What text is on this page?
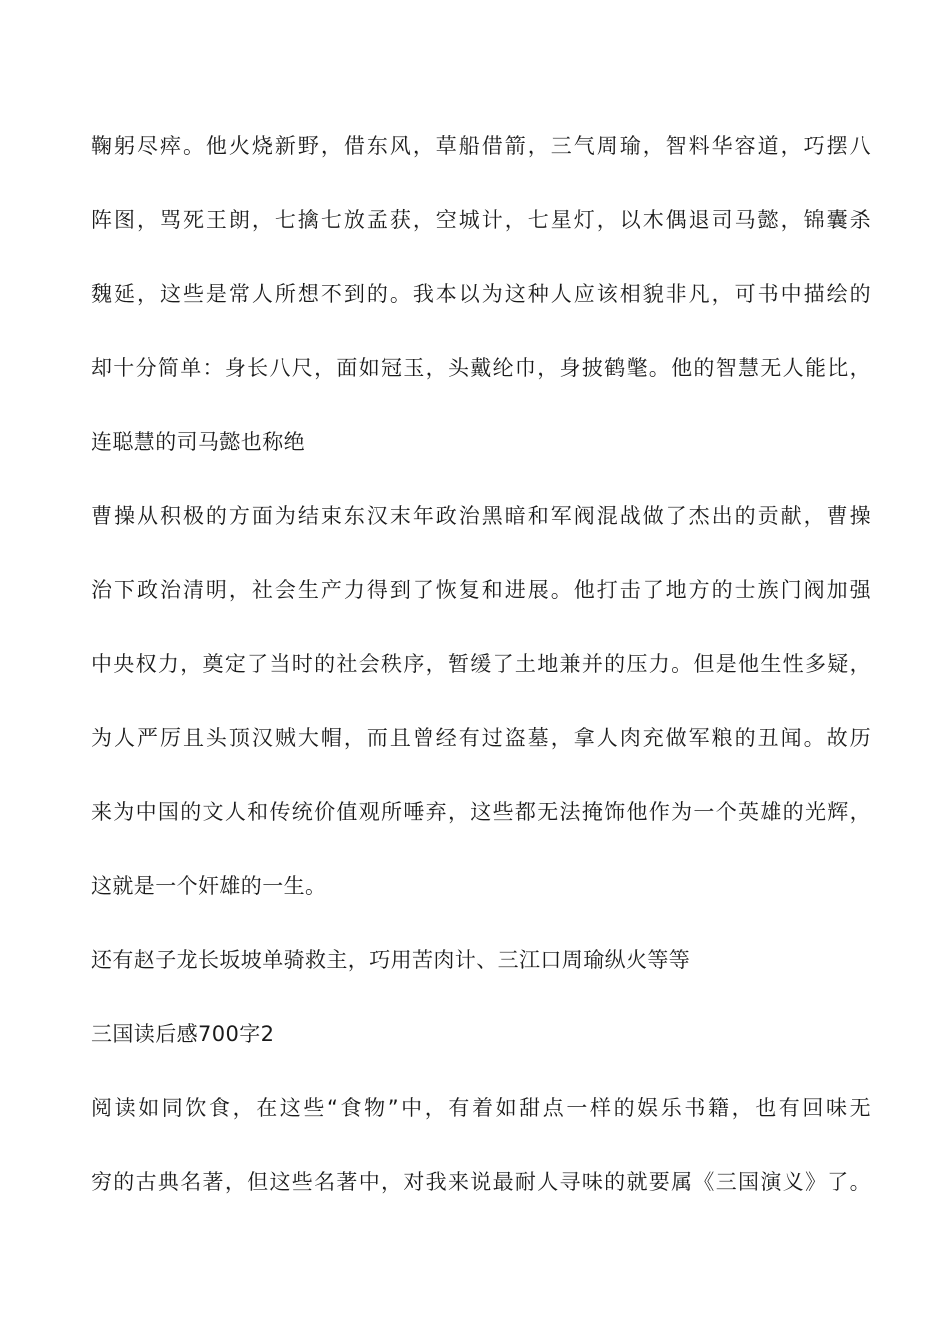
鞠躬尽瘁。他火烧新野，借东风，草船借箭，三气周瑜，智料华容道，巧摆八
阵图，骂死王朗，七擒七放孟获，空城计，七星灯，以木偶退司马懿，锦囊杀
魏延，这些是常人所想不到的。我本以为这种人应该相貌非凡，可书中描绘的
却十分简单：身长八尺，面如冠玉，头戴纶巾，身披鹤氅。他的智慧无人能比，
连聪慧的司马懿也称绝
曹操从积极的方面为结束东汉末年政治黑暗和军阀混战做了杰出的贡献，曹操
治下政治清明，社会生产力得到了恢复和进展。他打击了地方的士族门阀加强
中央权力，奠定了当时的社会秩序，暂缓了土地兼并的压力。但是他生性多疑，
为人严厉且头顶汉贼大帽，而且曾经有过盗墓，拿人肉充做军粮的丑闻。故历
来为中国的文人和传统价值观所唾弃，这些都无法掩饰他作为一个英雄的光辉，
这就是一个奸雄的一生。
还有赵子龙长坂坡单骑救主，巧用苦肉计、三江口周瑜纵火等等
三国读后感700字2
阅读如同饮食，在这些“食物”中，有着如甜点一样的娱乐书籍，也有回味无
穷的古典名著，但这些名著中，对我来说最耐人寻味的就要属《三国演义》了。
